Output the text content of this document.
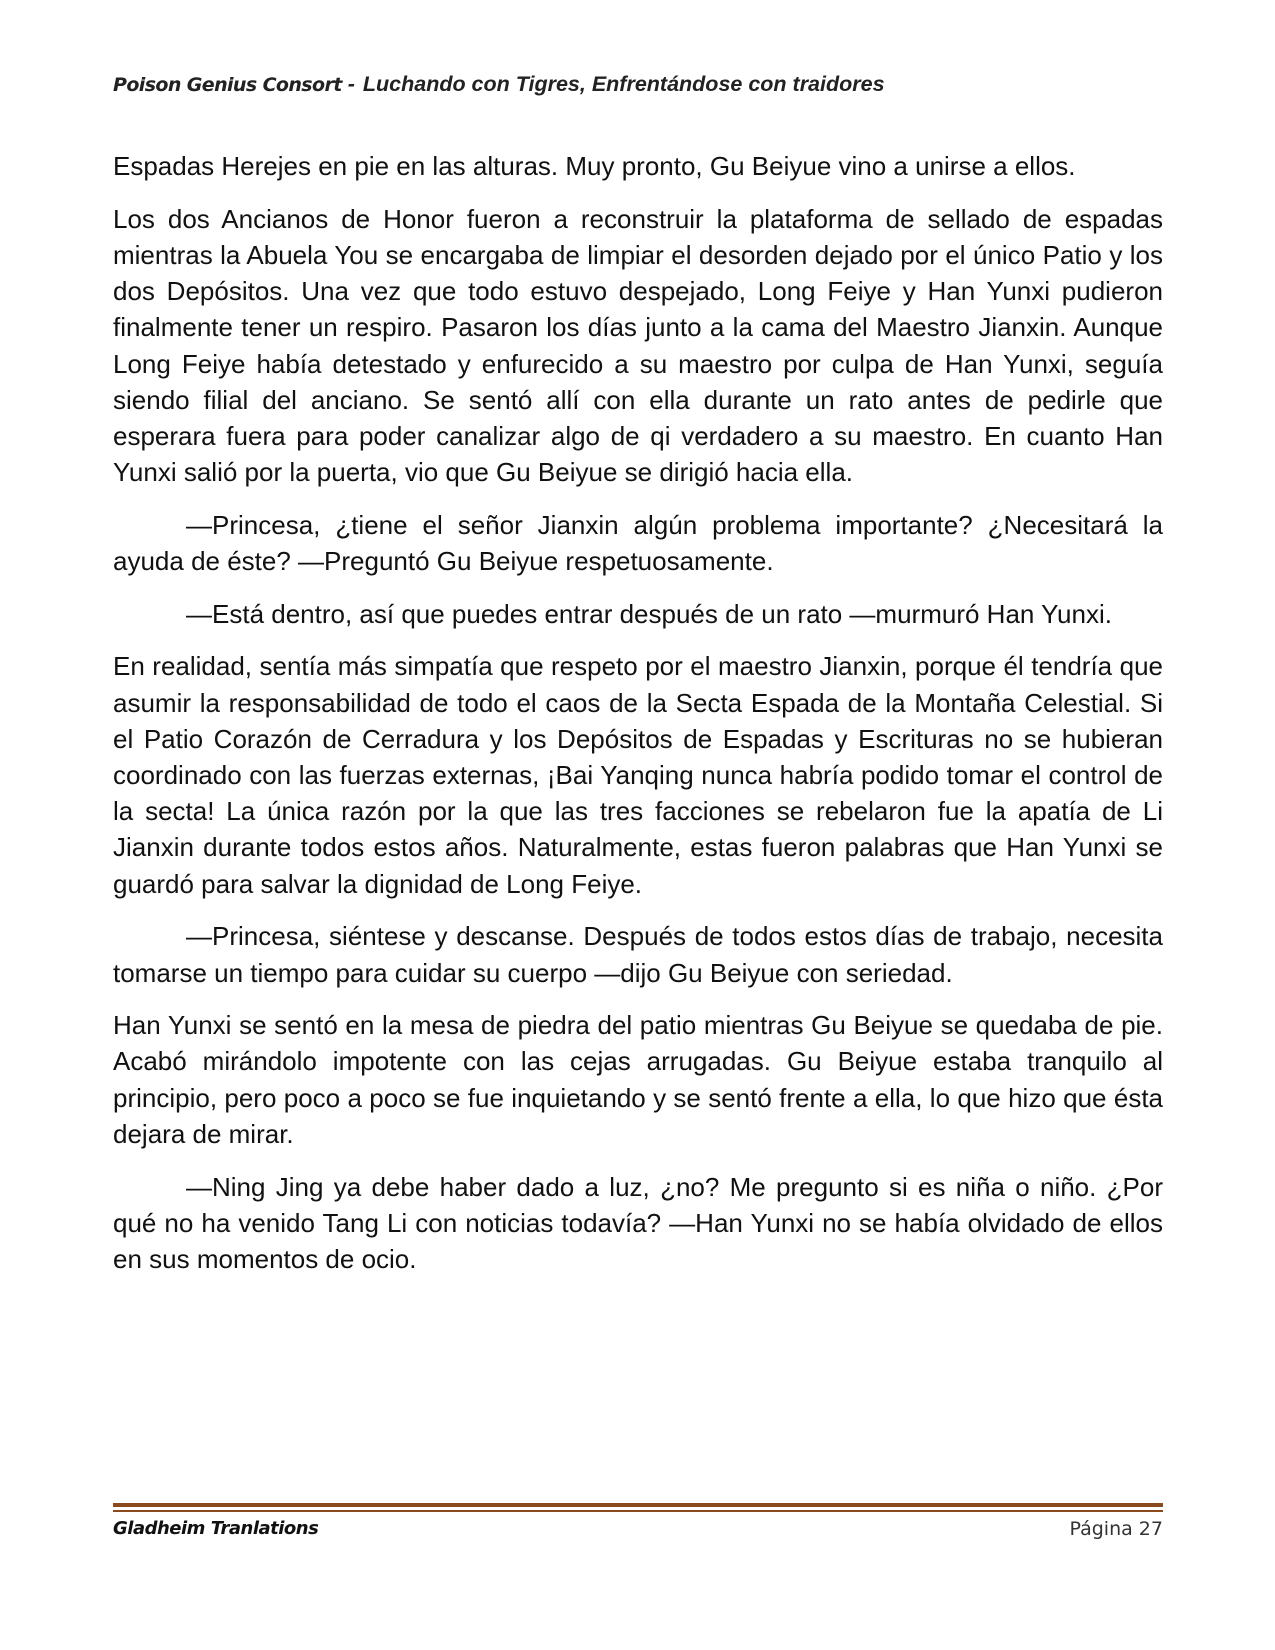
Poison Genius Consort - Luchando con Tigres, Enfrentándose con traidores

Espadas Herejes en pie en las alturas. Muy pronto, Gu Beiyue vino a unirse a ellos.

Los dos Ancianos de Honor fueron a reconstruir la plataforma de sellado de espadas mientras la Abuela You se encargaba de limpiar el desorden dejado por el único Patio y los dos Depósitos. Una vez que todo estuvo despejado, Long Feiye y Han Yunxi pudieron finalmente tener un respiro. Pasaron los días junto a la cama del Maestro Jianxin. Aunque Long Feiye había detestado y enfurecido a su maestro por culpa de Han Yunxi, seguía siendo filial del anciano. Se sentó allí con ella durante un rato antes de pedirle que esperara fuera para poder canalizar algo de qi verdadero a su maestro. En cuanto Han Yunxi salió por la puerta, vio que Gu Beiyue se dirigió hacia ella.

—Princesa, ¿tiene el señor Jianxin algún problema importante? ¿Necesitará la ayuda de éste? —Preguntó Gu Beiyue respetuosamente.

—Está dentro, así que puedes entrar después de un rato —murmuró Han Yunxi.

En realidad, sentía más simpatía que respeto por el maestro Jianxin, porque él tendría que asumir la responsabilidad de todo el caos de la Secta Espada de la Montaña Celestial. Si el Patio Corazón de Cerradura y los Depósitos de Espadas y Escrituras no se hubieran coordinado con las fuerzas externas, ¡Bai Yanqing nunca habría podido tomar el control de la secta! La única razón por la que las tres facciones se rebelaron fue la apatía de Li Jianxin durante todos estos años. Naturalmente, estas fueron palabras que Han Yunxi se guardó para salvar la dignidad de Long Feiye.

—Princesa, siéntese y descanse. Después de todos estos días de trabajo, necesita tomarse un tiempo para cuidar su cuerpo —dijo Gu Beiyue con seriedad.

Han Yunxi se sentó en la mesa de piedra del patio mientras Gu Beiyue se quedaba de pie. Acabó mirándolo impotente con las cejas arrugadas. Gu Beiyue estaba tranquilo al principio, pero poco a poco se fue inquietando y se sentó frente a ella, lo que hizo que ésta dejara de mirar.

—Ning Jing ya debe haber dado a luz, ¿no? Me pregunto si es niña o niño. ¿Por qué no ha venido Tang Li con noticias todavía? —Han Yunxi no se había olvidado de ellos en sus momentos de ocio.

Gladheim Tranlations	Página 27
